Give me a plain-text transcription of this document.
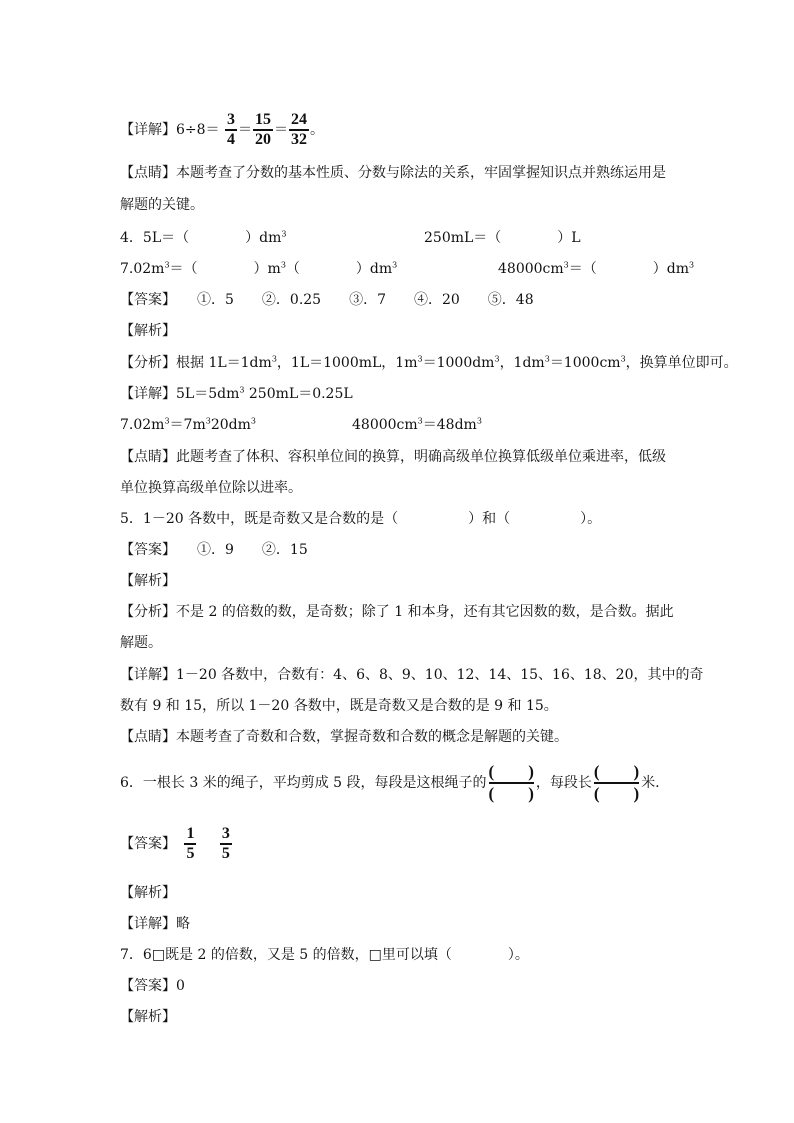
【详解】$6\div 8= \frac{3}{4} = \frac{15}{20} = \frac{24}{32}$ 。
【点睛】本题考查了分数的基本性质、分数与除法的关系，牢固掌握知识点并熟练运用是
解题的关键。
4．5L＝（　　　　）$dm^3$	250mL＝（　　　　）L
$7.02m^3=$（　　　　）$m^3$（　　　　）$dm^3$	$48000cm^3=$（　　　　）$dm^3$
【答案】　　①．5　　②．0.25　　③．7　　④．20　　⑤．48
【解析】
【分析】根据 $1L=1dm^3$，1L＝1000mL，$1m^3=1000dm^3$，$1dm^3=1000cm^3$，换算单位即可。
【详解】$5L=5dm^3$ 250mL＝0.25L
$7.02m^3=7m^320dm^3$	$48000cm^3=48dm^3$
【点睛】此题考查了体积、容积单位间的换算，明确高级单位换算低级单位乘进率，低级
单位换算高级单位除以进率。
5．1－20 各数中，既是奇数又是合数的是（　　　　　）和（　　　　　）。
【答案】　　①．9　　②．15
【解析】
【分析】不是 2 的倍数的数，是奇数；除了 1 和本身，还有其它因数的数，是合数。据此
解题。
【详解】1－20 各数中，合数有：4、6、8、9、10、12、14、15、16、18、20，其中的奇
数有 9 和 15，所以 1－20 各数中，既是奇数又是合数的是 9 和 15。
【点睛】本题考查了奇数和合数，掌握奇数和合数的概念是解题的关键。
6．一根长 3 米的绳子，平均剪成 5 段，每段是这根绳子的 $\frac{( )}{( )}$ ，每段长 $\frac{( )}{( )}$ 米.
【答案】 $\frac{1}{5}$
$\frac{3}{5}$
【解析】
【详解】略
7．6□既是 2 的倍数，又是 5 的倍数，□里可以填（　　　　）。
【答案】0
【解析】
